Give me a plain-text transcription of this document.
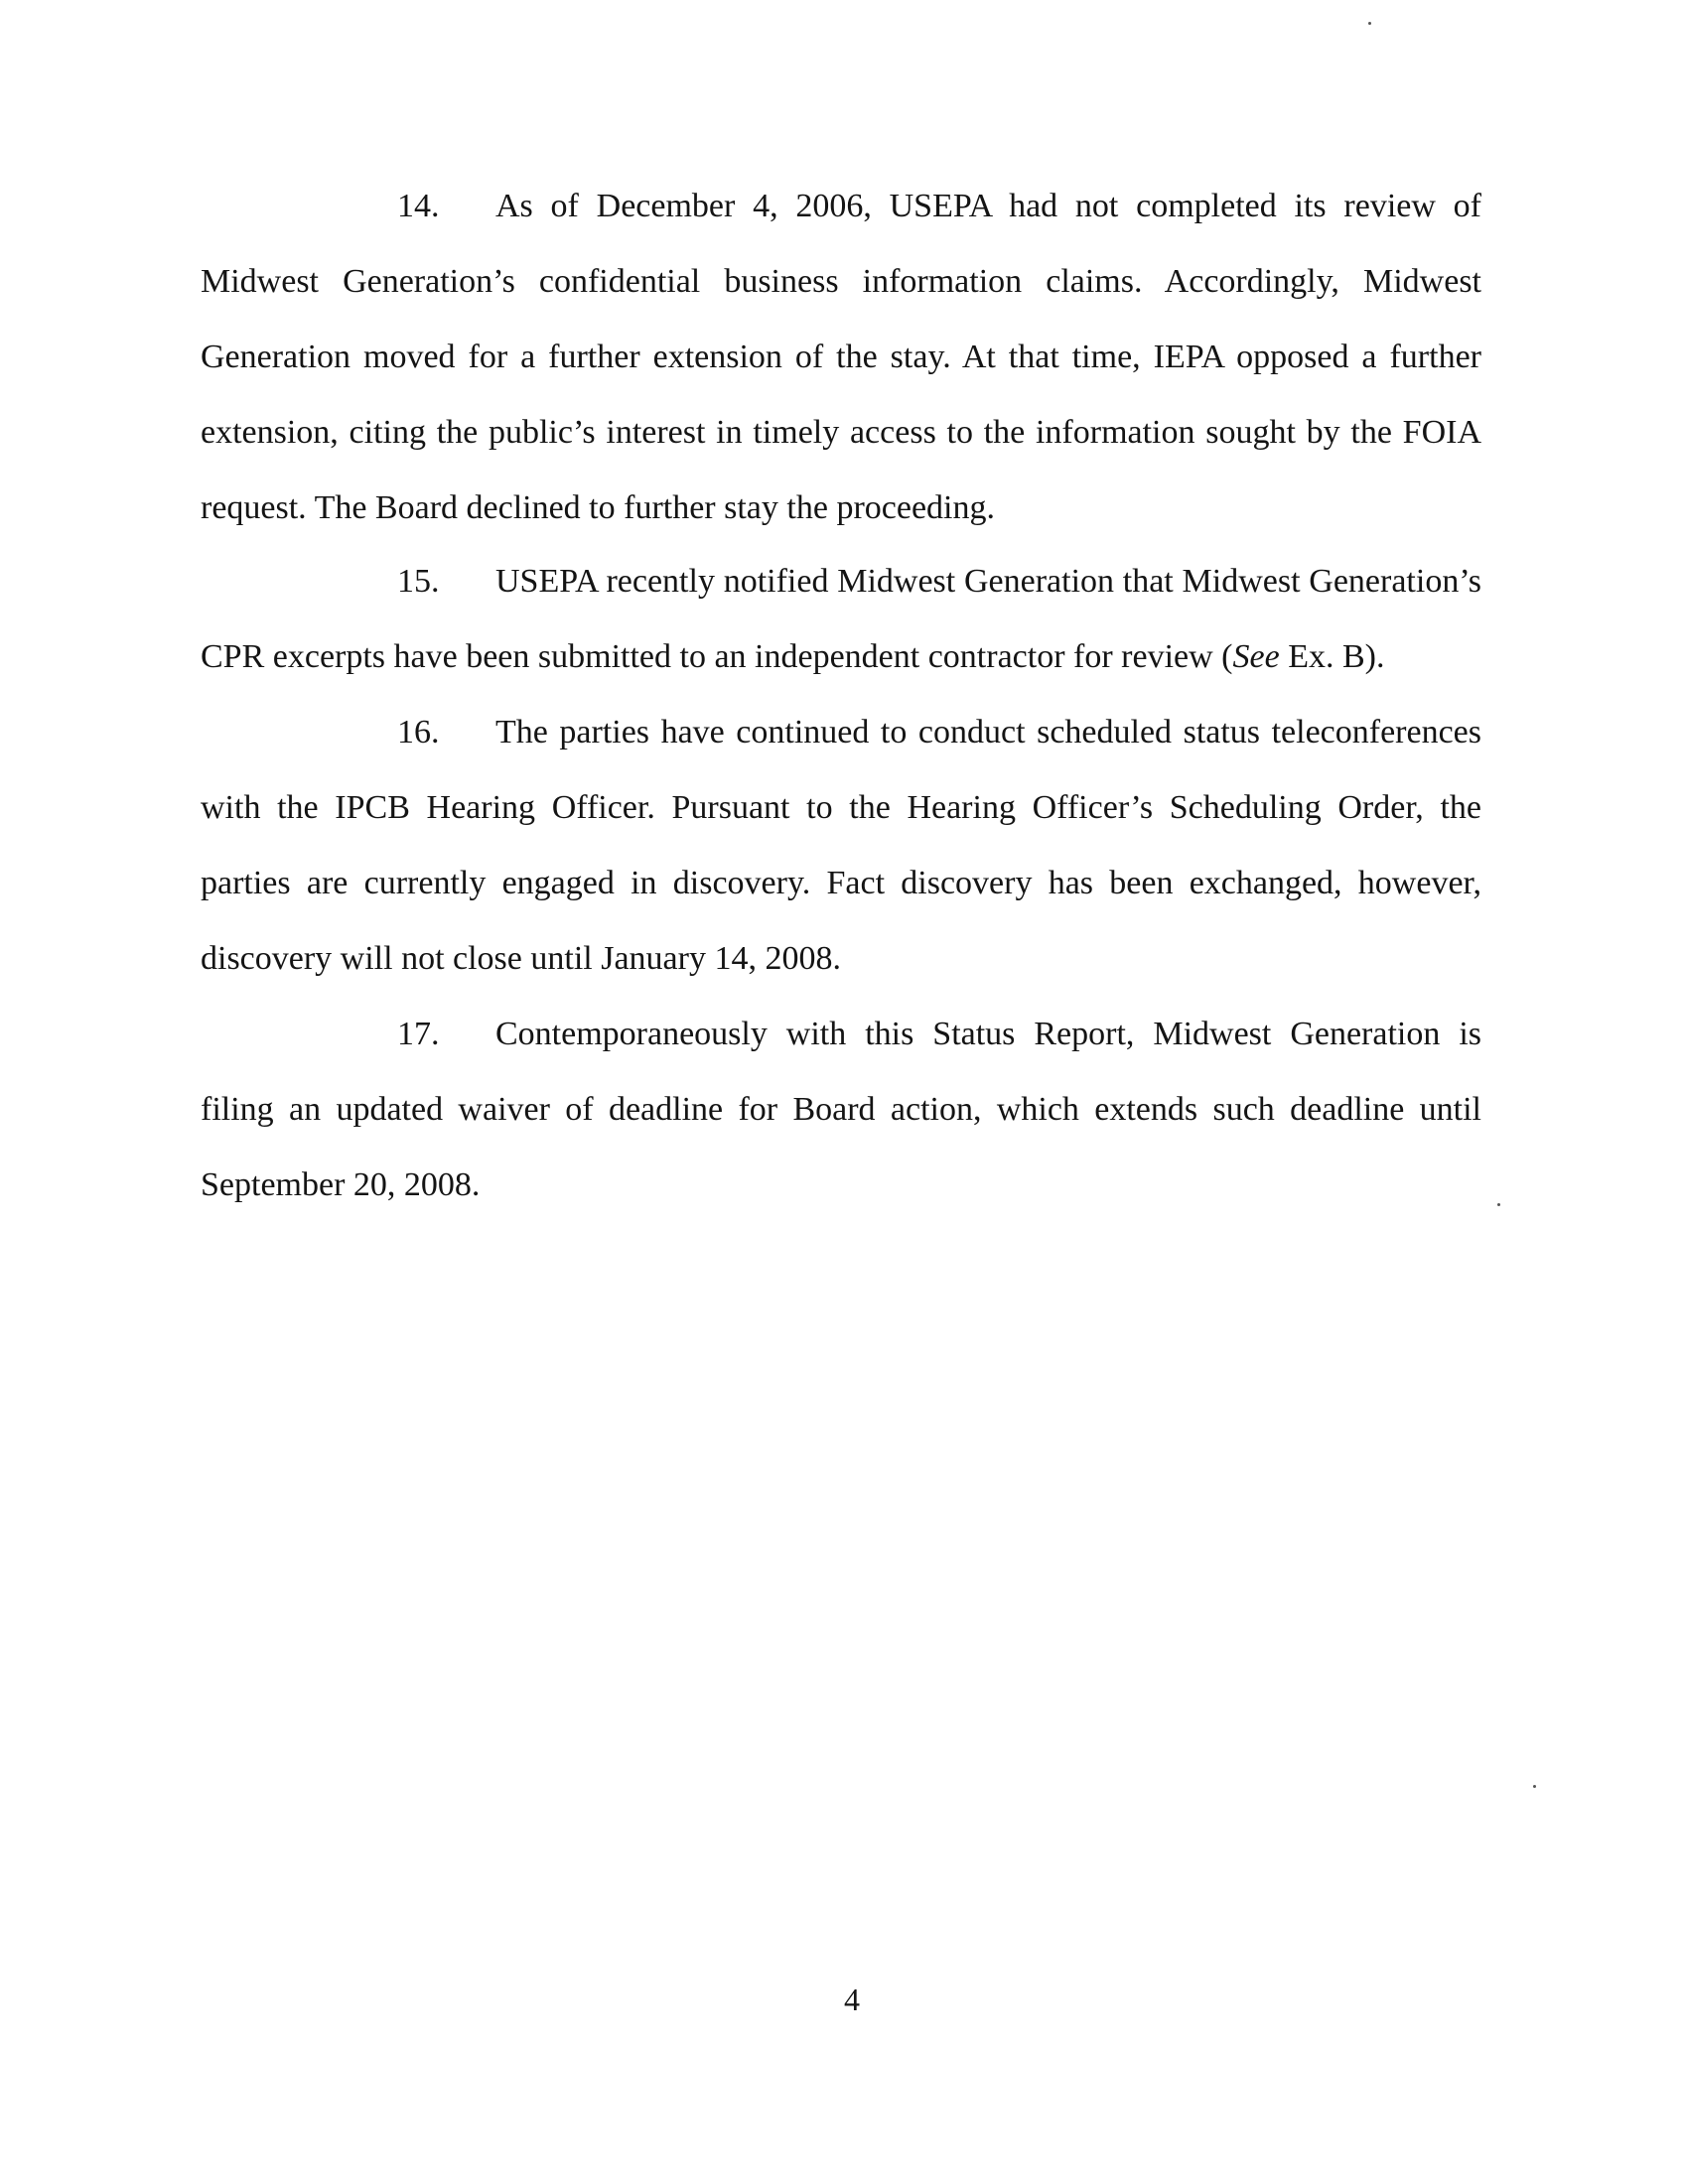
14. As of December 4, 2006, USEPA had not completed its review of Midwest Generation’s confidential business information claims. Accordingly, Midwest Generation moved for a further extension of the stay. At that time, IEPA opposed a further extension, citing the public’s interest in timely access to the information sought by the FOIA request. The Board declined to further stay the proceeding.

15. USEPA recently notified Midwest Generation that Midwest Generation’s CPR excerpts have been submitted to an independent contractor for review (See Ex. B).

16. The parties have continued to conduct scheduled status teleconferences with the IPCB Hearing Officer. Pursuant to the Hearing Officer’s Scheduling Order, the parties are currently engaged in discovery. Fact discovery has been exchanged, however, discovery will not close until January 14, 2008.

17. Contemporaneously with this Status Report, Midwest Generation is filing an updated waiver of deadline for Board action, which extends such deadline until September 20, 2008.

4
